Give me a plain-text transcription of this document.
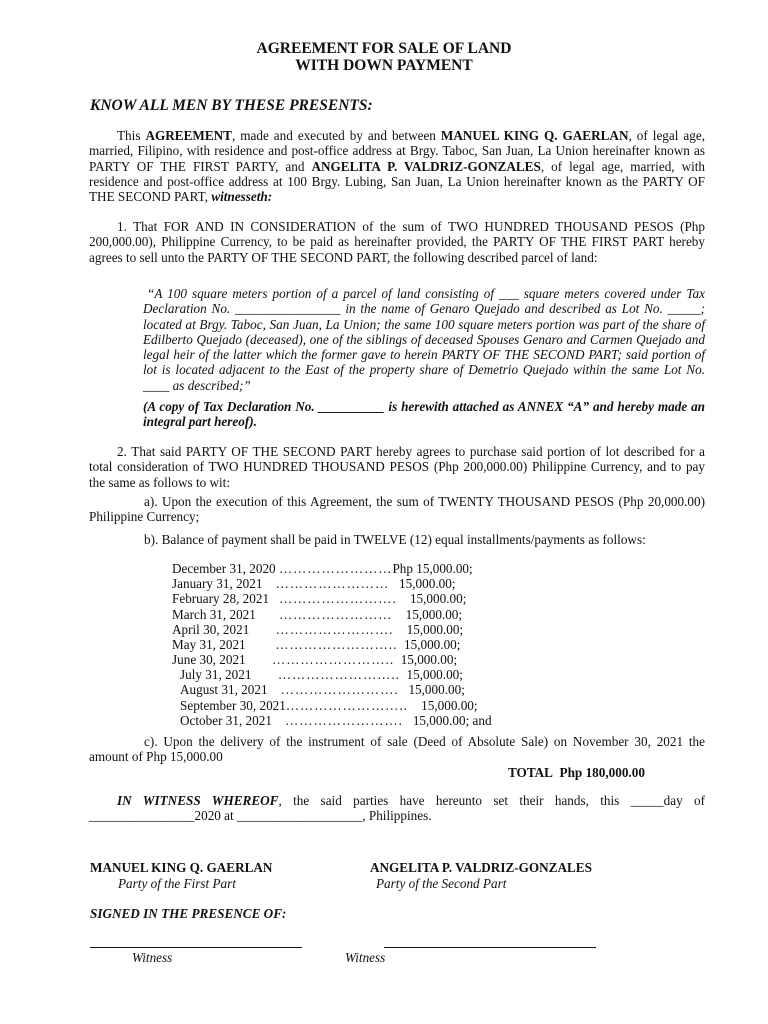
AGREEMENT FOR SALE OF LAND
WITH DOWN PAYMENT
KNOW ALL MEN BY THESE PRESENTS:
This AGREEMENT, made and executed by and between MANUEL KING Q. GAERLAN, of legal age, married, Filipino, with residence and post-office address at Brgy. Taboc, San Juan, La Union hereinafter known as PARTY OF THE FIRST PARTY, and ANGELITA P. VALDRIZ-GONZALES, of legal age, married, with residence and post-office address at 100 Brgy. Lubing, San Juan, La Union hereinafter known as the PARTY OF THE SECOND PART, witnesseth:
1. That FOR AND IN CONSIDERATION of the sum of TWO HUNDRED THOUSAND PESOS (Php 200,000.00), Philippine Currency, to be paid as hereinafter provided, the PARTY OF THE FIRST PART hereby agrees to sell unto the PARTY OF THE SECOND PART, the following described parcel of land:
“A 100 square meters portion of a parcel of land consisting of ___ square meters covered under Tax Declaration No. ________________ in the name of Genaro Quejado and described as Lot No. _____; located at Brgy. Taboc, San Juan, La Union; the same 100 square meters portion was part of the share of Edilberto Quejado (deceased), one of the siblings of deceased Spouses Genaro and Carmen Quejado and legal heir of the latter which the former gave to herein PARTY OF THE SECOND PART; said portion of lot is located adjacent to the East of the property share of Demetrio Quejado within the same Lot No. ____ as described;”
(A copy of Tax Declaration No. __________ is herewith attached as ANNEX “A” and hereby made an integral part hereof).
2. That said PARTY OF THE SECOND PART hereby agrees to purchase said portion of lot described for a total consideration of TWO HUNDRED THOUSAND PESOS (Php 200,000.00) Philippine Currency, and to pay the same as follows to wit:
a). Upon the execution of this Agreement, the sum of TWENTY THOUSAND PESOS (Php 20,000.00) Philippine Currency;
b). Balance of payment shall be paid in TWELVE (12) equal installments/payments as follows:
December 31, 2020 ……………………Php 15,000.00;
January 31, 2021 …………………… 15,000.00;
February 28, 2021 ……………………. 15,000.00;
March 31, 2021 …………………… 15,000.00;
April 30, 2021 ……………………. 15,000.00;
May 31, 2021 …………………….. 15,000.00;
June 30, 2021 …………………….. 15,000.00;
July 31, 2021 …………………….. 15,000.00;
August 31, 2021 ……………………. 15,000.00;
September 30, 2021…………………….. 15,000.00;
October 31, 2021 ……………………. 15,000.00; and
c). Upon the delivery of the instrument of sale (Deed of Absolute Sale) on November 30, 2021 the amount of Php 15,000.00
TOTAL Php 180,000.00
IN WITNESS WHEREOF, the said parties have hereunto set their hands, this _____day of ________________2020 at ___________________, Philippines.
MANUEL KING Q. GAERLAN
Party of the First Part
ANGELITA P. VALDRIZ-GONZALES
Party of the Second Part
SIGNED IN THE PRESENCE OF:
Witness	Witness
